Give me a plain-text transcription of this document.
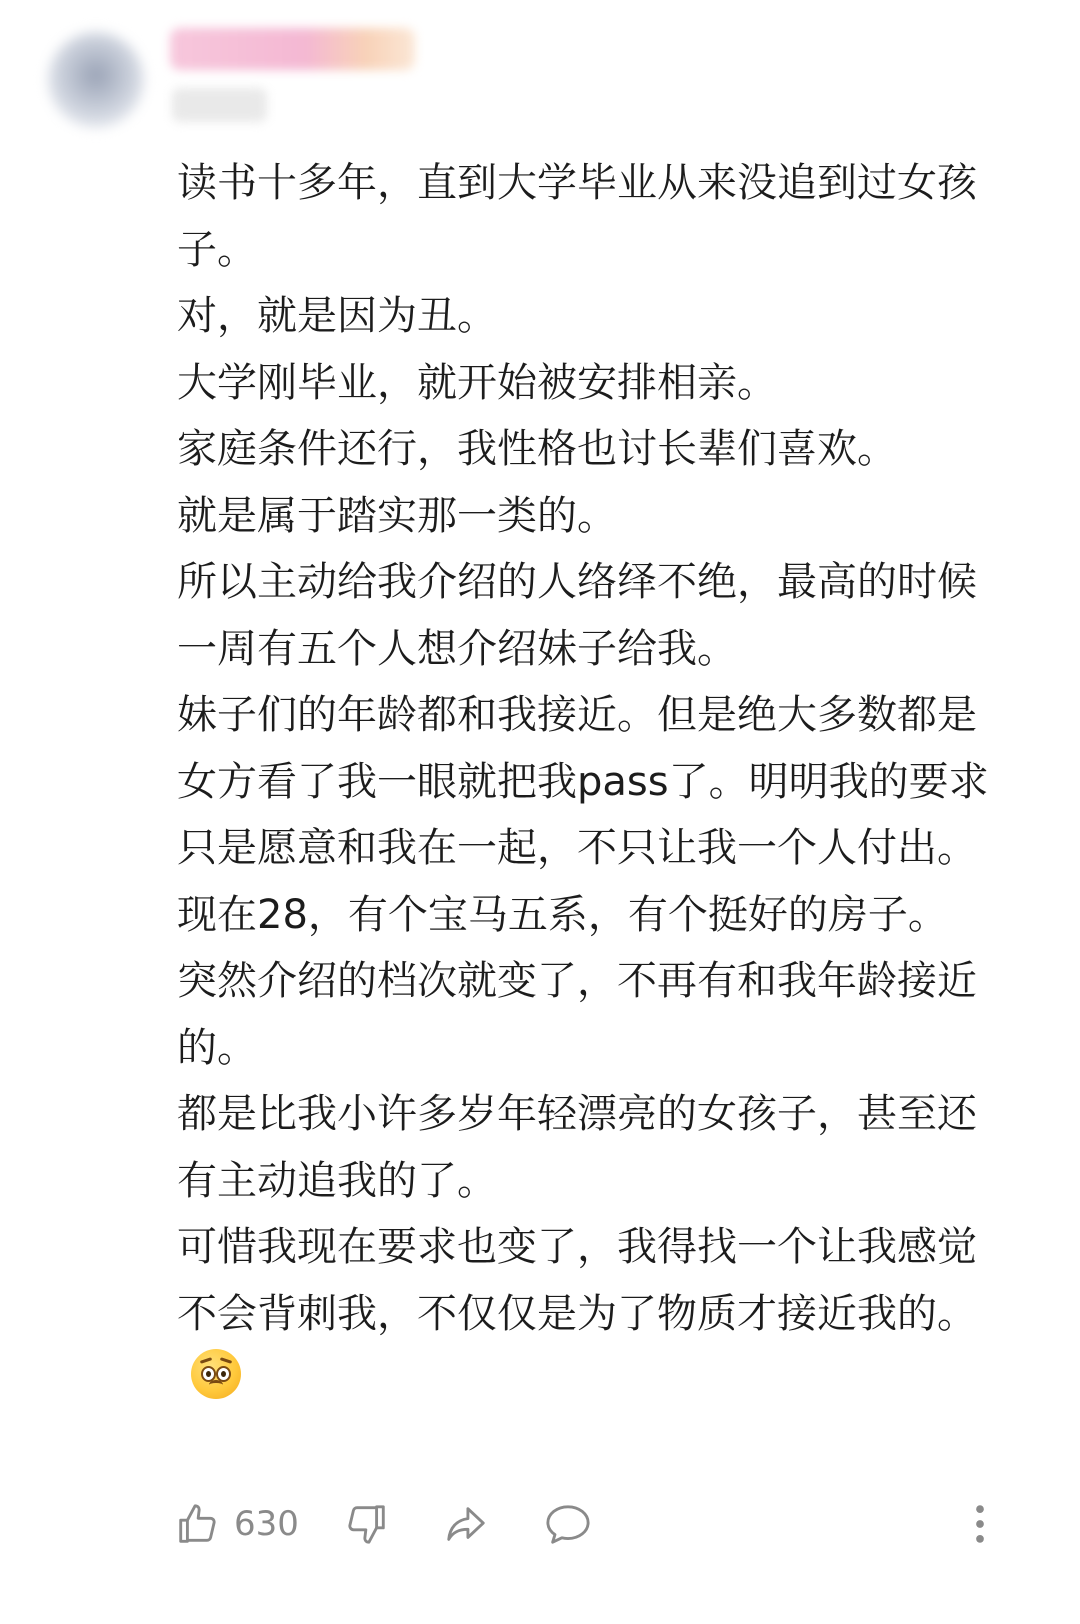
读书十多年，直到大学毕业从来没追到过女孩子。
对，就是因为丑。
大学刚毕业，就开始被安排相亲。
家庭条件还行，我性格也讨长辈们喜欢。
就是属于踏实那一类的。
所以主动给我介绍的人络绎不绝，最高的时候一周有五个人想介绍妹子给我。
妹子们的年龄都和我接近。但是绝大多数都是女方看了我一眼就把我pass了。明明我的要求只是愿意和我在一起，不只让我一个人付出。
现在28，有个宝马五系，有个挺好的房子。
突然介绍的档次就变了，不再有和我年龄接近的。
都是比我小许多岁年轻漂亮的女孩子，甚至还有主动追我的了。
可惜我现在要求也变了，我得找一个让我感觉不会背刺我，不仅仅是为了物质才接近我的。

630
